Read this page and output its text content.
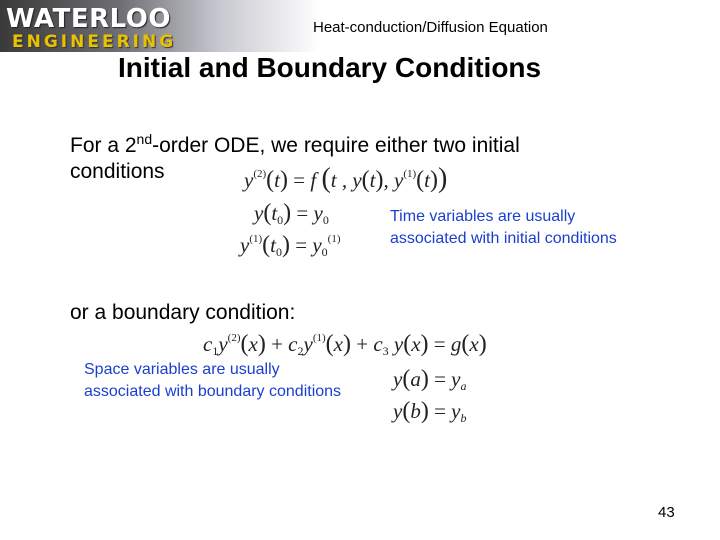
WATERLOO
ENGINEERING
Heat-conduction/Diffusion Equation
Initial and Boundary Conditions
For a 2nd-order ODE, we require either two initial
conditions	$y^{(2)}(t) = f$ (t , y(t), $y^{(1)}(t)$)
$y(t_0) = y_0$
$y^{(1)}(t_0) = y_0^{(1)}$
Time variables are usually
associated with initial conditions
or a boundary condition:
$c_1y^{(2)}(x) + c_2y^{(1)}(x) + c_3$ y(x) = g(x)
Space variables are usually
associated with boundary conditions
y(a) = ya
y(b) = yb
43
